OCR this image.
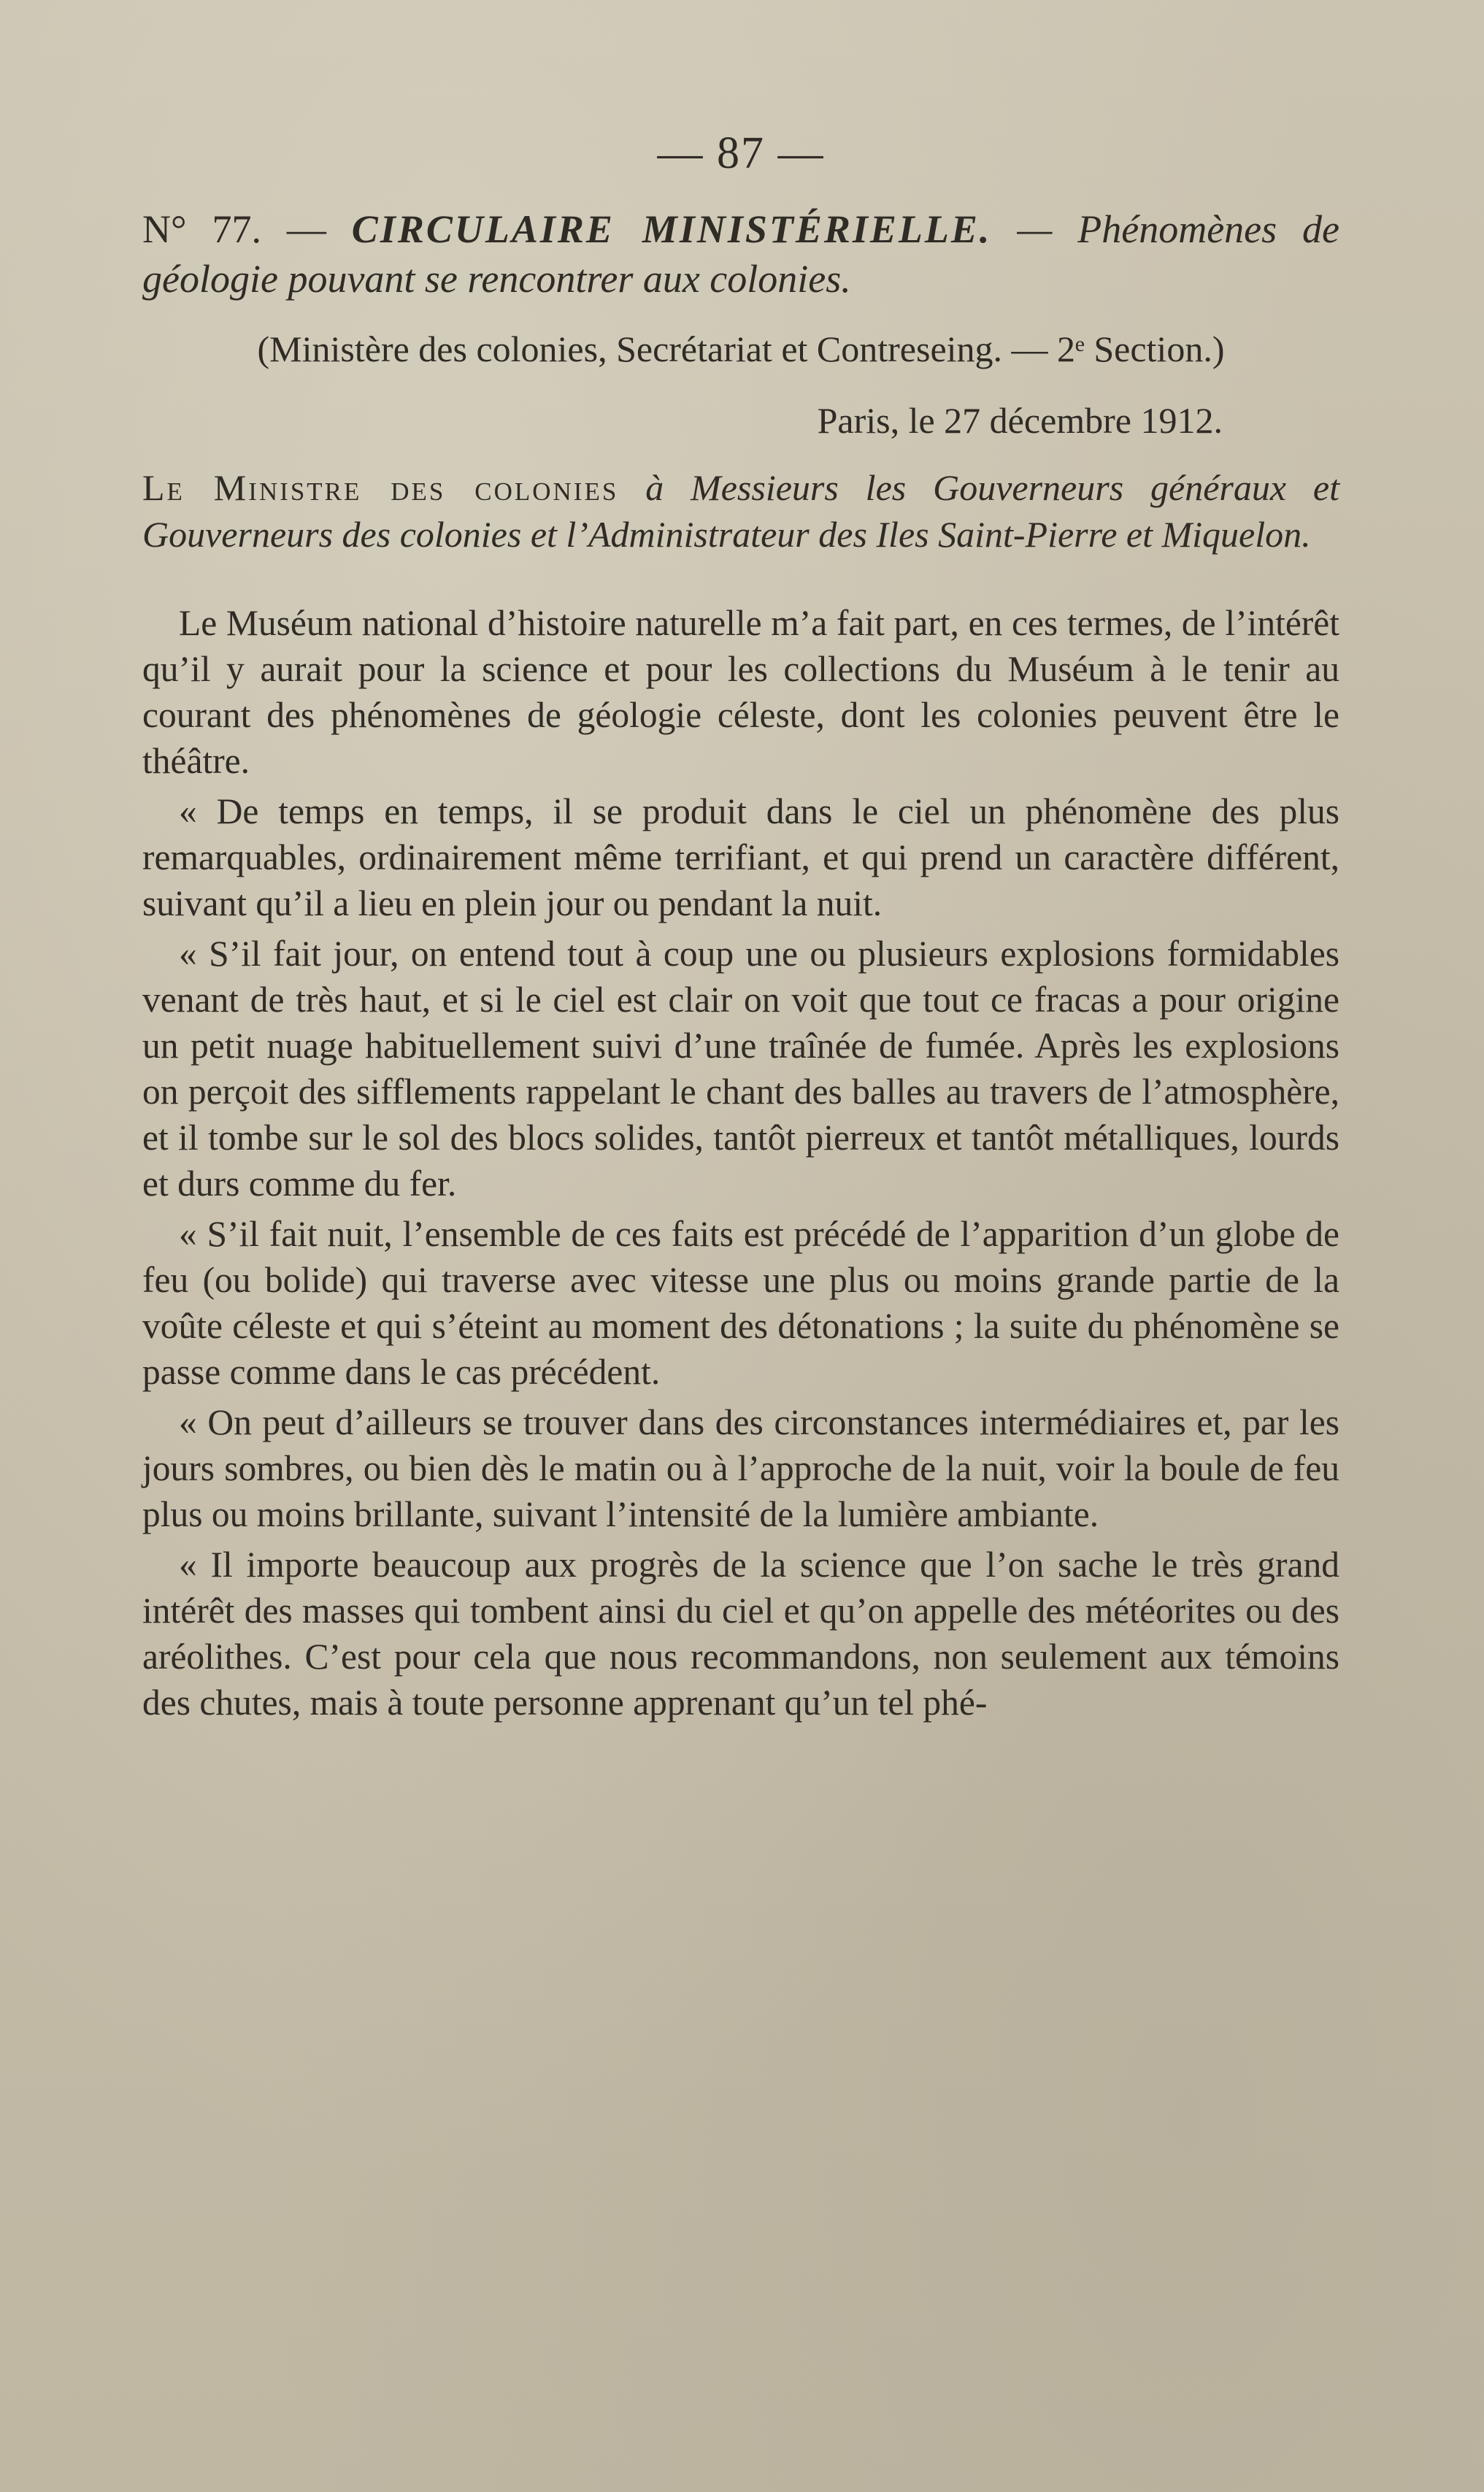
— 87 —

N° 77. — CIRCULAIRE MINISTÉRIELLE. — Phénomènes de géologie pouvant se rencontrer aux colonies.

(Ministère des colonies, Secrétariat et Contreseing. — 2ᵉ Section.)

Paris, le 27 décembre 1912.

Le Ministre des colonies à Messieurs les Gouverneurs généraux et Gouverneurs des colonies et l’Administrateur des Iles Saint-Pierre et Miquelon.

Le Muséum national d’histoire naturelle m’a fait part, en ces termes, de l’intérêt qu’il y aurait pour la science et pour les collections du Muséum à le tenir au courant des phénomènes de géologie céleste, dont les colonies peuvent être le théâtre.

« De temps en temps, il se produit dans le ciel un phénomène des plus remarquables, ordinairement même terrifiant, et qui prend un caractère différent, suivant qu’il a lieu en plein jour ou pendant la nuit.

« S’il fait jour, on entend tout à coup une ou plusieurs explosions formidables venant de très haut, et si le ciel est clair on voit que tout ce fracas a pour origine un petit nuage habituellement suivi d’une traînée de fumée. Après les explosions on perçoit des sifflements rappelant le chant des balles au travers de l’atmosphère, et il tombe sur le sol des blocs solides, tantôt pierreux et tantôt métalliques, lourds et durs comme du fer.

« S’il fait nuit, l’ensemble de ces faits est précédé de l’apparition d’un globe de feu (ou bolide) qui traverse avec vitesse une plus ou moins grande partie de la voûte céleste et qui s’éteint au moment des détonations ; la suite du phénomène se passe comme dans le cas précédent.

« On peut d’ailleurs se trouver dans des circonstances intermédiaires et, par les jours sombres, ou bien dès le matin ou à l’approche de la nuit, voir la boule de feu plus ou moins brillante, suivant l’intensité de la lumière ambiante.

« Il importe beaucoup aux progrès de la science que l’on sache le très grand intérêt des masses qui tombent ainsi du ciel et qu’on appelle des météorites ou des aréolithes. C’est pour cela que nous recommandons, non seulement aux témoins des chutes, mais à toute personne apprenant qu’un tel phé-
